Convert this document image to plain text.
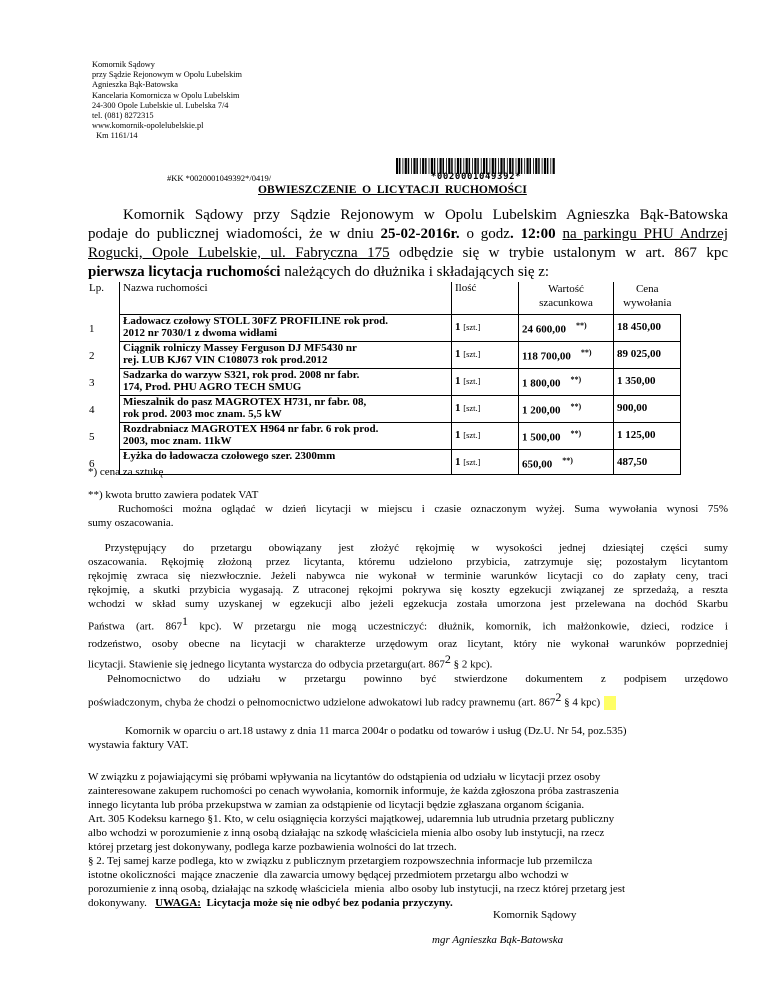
Komornik Sądowy
przy Sądzie Rejonowym w Opolu Lubelskim
Agnieszka Bąk-Batowska
Kancelaria Komornicza w Opolu Lubelskim
24-300 Opole Lubelskie ul. Lubelska 7/4
tel. (081) 8272315
www.komornik-opolelubelskie.pl
Km 1161/14
#KK *0020001049392*/0419/	*0020001049392*
OBWIESZCZENIE  O  LICYTACJI  RUCHOMOŚCI
Komornik Sądowy przy Sądzie Rejonowym w Opolu Lubelskim Agnieszka Bąk-Batowska
podaje do publicznej wiadomości, że w dniu 25-02-2016r. o godz. 12:00 na parkingu PHU Andrzej
Rogucki, Opole Lubelskie, ul. Fabryczna 175 odbędzie się w trybie ustalonym w art. 867 kpc
pierwsza licytacja ruchomości należących do dłużnika i składających się z:
Lp.	Nazwa ruchomości	Ilość	Wartość
szacunkowa	Cena
wywołania
1	Ładowacz czołowy STOLL 30FZ PROFILINE rok prod.
2012 nr 7030/1 z dwoma widłami	1 [szt.]	24 600,00 **)	18 450,00
2	Ciągnik rolniczy Massey Ferguson DJ MF5430 nr
rej. LUB KJ67 VIN C108073 rok prod.2012	1 [szt.]	118 700,00 **)	89 025,00
3	Sadzarka do warzyw S321, rok prod. 2008 nr fabr.
174, Prod. PHU AGRO TECH SMUG	1 [szt.]	1 800,00 **)	1 350,00
4	Mieszalnik do pasz MAGROTEX H731, nr fabr. 08,
rok prod. 2003 moc znam. 5,5 kW	1 [szt.]	1 200,00 **)	900,00
5	Rozdrabniacz MAGROTEX H964 nr fabr. 6 rok prod.
2003, moc znam. 11kW	1 [szt.]	1 500,00 **)	1 125,00
6	Łyżka do ładowacza czołowego szer. 2300mm	1 [szt.]	650,00 **)	487,50
*) cena za sztukę
**) kwota brutto zawiera podatek VAT
Ruchomości można oglądać w dzień licytacji w miejscu i czasie oznaczonym wyżej. Suma wywołania wynosi 75%
sumy oszacowania.
Przystępujący do przetargu obowiązany jest złożyć rękojmię w wysokości jednej dziesiątej części sumy
oszacowania. Rękojmię złożoną przez licytanta, któremu udzielono przybicia, zatrzymuje się; pozostałym licytantom
rękojmię zwraca się niezwłocznie. Jeżeli nabywca nie wykonał w terminie warunków licytacji co do zapłaty ceny, traci
rękojmię, a skutki przybicia wygasają. Z utraconej rękojmi pokrywa się koszty egzekucji związanej ze sprzedażą, a reszta
wchodzi w skład sumy uzyskanej w egzekucji albo jeżeli egzekucja została umorzona jest przelewana na dochód Skarbu
Państwa (art. $867^1$ kpc). W przetargu nie mogą uczestniczyć: dłużnik, komornik, ich małżonkowie, dzieci, rodzice i
rodzeństwo, osoby obecne na licytacji w charakterze urzędowym oraz licytant, który nie wykonał warunków poprzedniej
licytacji. Stawienie się jednego licytanta wystarcza do odbycia przetargu(art. $867^2$ § 2 kpc).
Pełnomocnictwo do udziału w przetargu powinno być stwierdzone dokumentem z podpisem urzędowo
poświadczonym, chyba że chodzi o pełnomocnictwo udzielone adwokatowi lub radcy prawnemu (art. $867^2$ § 4 kpc)
Komornik w oparciu o art.18 ustawy z dnia 11 marca 2004r o podatku od towarów i usług (Dz.U. Nr 54, poz.535)
wystawia faktury VAT.
W związku z pojawiającymi się próbami wpływania na licytantów do odstąpienia od udziału w licytacji przez osoby
zainteresowane zakupem ruchomości po cenach wywołania, komornik informuje, że każda zgłoszona próba zastraszenia
innego licytanta lub próba przekupstwa w zamian za odstąpienie od licytacji będzie zgłaszana organom ścigania.
Art. 305 Kodeksu karnego §1. Kto, w celu osiągnięcia korzyści majątkowej, udaremnia lub utrudnia przetarg publiczny
albo wchodzi w porozumienie z inną osobą działając na szkodę właściciela mienia albo osoby lub instytucji, na rzecz
której przetarg jest dokonywany, podlega karze pozbawienia wolności do lat trzech.
§ 2. Tej samej karze podlega, kto w związku z publicznym przetargiem rozpowszechnia informacje lub przemilcza
istotne okoliczności  mające znaczenie  dla zawarcia umowy będącej przedmiotem przetargu albo wchodzi w
porozumienie z inną osobą, działając na szkodę właściciela  mienia  albo osoby lub instytucji, na rzecz której przetarg jest
dokonywany.   UWAGA:  Licytacja może się nie odbyć bez podania przyczyny.
Komornik Sądowy
mgr Agnieszka Bąk-Batowska
